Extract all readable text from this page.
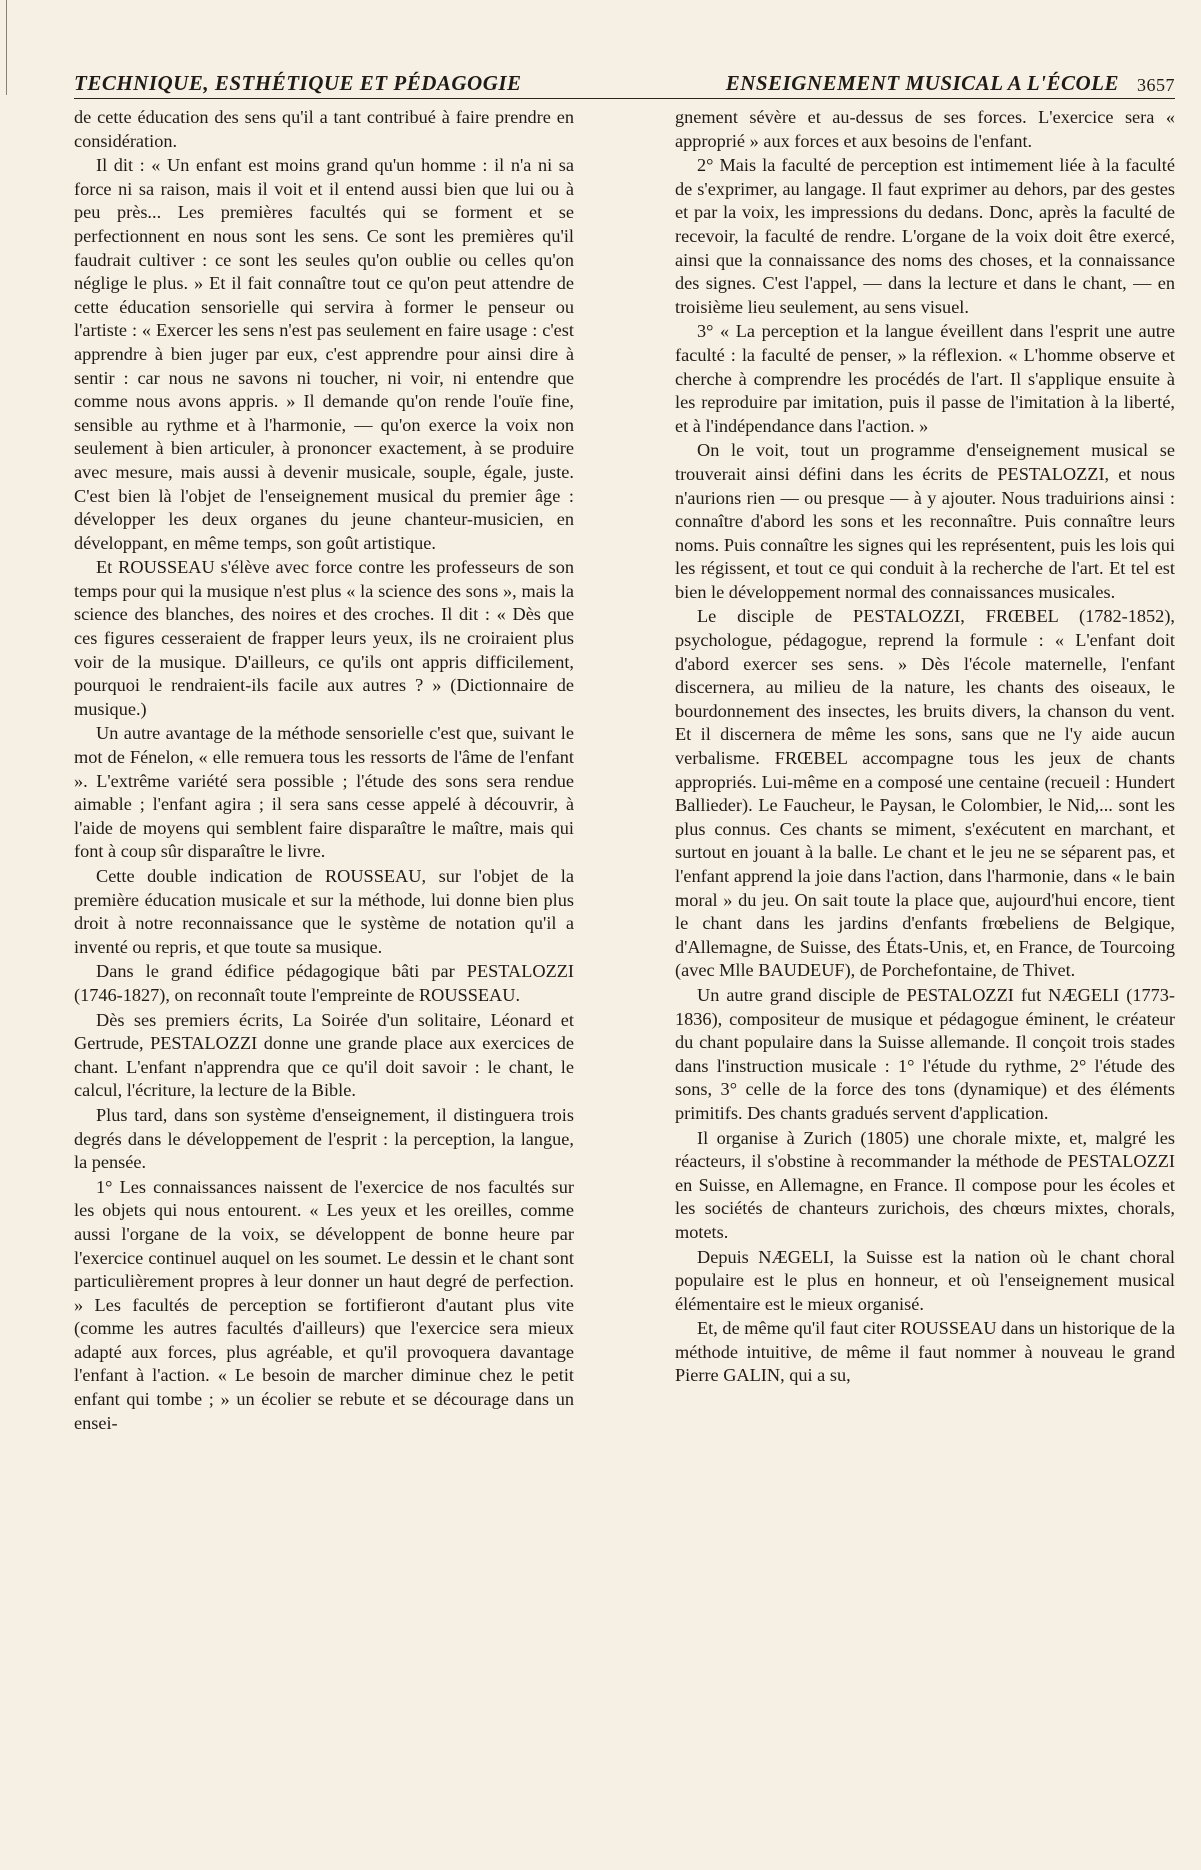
TECHNIQUE, ESTHÉTIQUE ET PÉDAGOGIE	ENSEIGNEMENT MUSICAL A L'ÉCOLE 3657

de cette éducation des sens qu'il a tant contribué à faire prendre en considération.

Il dit : « Un enfant est moins grand qu'un homme : il n'a ni sa force ni sa raison, mais il voit et il entend aussi bien que lui ou à peu près... Les premières facultés qui se forment et se perfectionnent en nous sont les sens. Ce sont les premières qu'il faudrait cultiver : ce sont les seules qu'on oublie ou celles qu'on néglige le plus. » Et il fait connaître tout ce qu'on peut attendre de cette éducation sensorielle qui servira à former le penseur ou l'artiste : « Exercer les sens n'est pas seulement en faire usage : c'est apprendre à bien juger par eux, c'est apprendre pour ainsi dire à sentir : car nous ne savons ni toucher, ni voir, ni entendre que comme nous avons appris. » Il demande qu'on rende l'ouïe fine, sensible au rythme et à l'harmonie, — qu'on exerce la voix non seulement à bien articuler, à prononcer exactement, à se produire avec mesure, mais aussi à devenir musicale, souple, égale, juste. C'est bien là l'objet de l'enseignement musical du premier âge : développer les deux organes du jeune chanteur-musicien, en développant, en même temps, son goût artistique.

Et ROUSSEAU s'élève avec force contre les professeurs de son temps pour qui la musique n'est plus « la science des sons », mais la science des blanches, des noires et des croches. Il dit : « Dès que ces figures cesseraient de frapper leurs yeux, ils ne croiraient plus voir de la musique. D'ailleurs, ce qu'ils ont appris difficilement, pourquoi le rendraient-ils facile aux autres ? » (Dictionnaire de musique.)

Un autre avantage de la méthode sensorielle c'est que, suivant le mot de Fénelon, « elle remuera tous les ressorts de l'âme de l'enfant ». L'extrême variété sera possible ; l'étude des sons sera rendue aimable ; l'enfant agira ; il sera sans cesse appelé à découvrir, à l'aide de moyens qui semblent faire disparaître le maître, mais qui font à coup sûr disparaître le livre.

Cette double indication de ROUSSEAU, sur l'objet de la première éducation musicale et sur la méthode, lui donne bien plus droit à notre reconnaissance que le système de notation qu'il a inventé ou repris, et que toute sa musique.

Dans le grand édifice pédagogique bâti par PESTALOZZI (1746-1827), on reconnaît toute l'empreinte de ROUSSEAU.

Dès ses premiers écrits, La Soirée d'un solitaire, Léonard et Gertrude, PESTALOZZI donne une grande place aux exercices de chant. L'enfant n'apprendra que ce qu'il doit savoir : le chant, le calcul, l'écriture, la lecture de la Bible.

Plus tard, dans son système d'enseignement, il distinguera trois degrés dans le développement de l'esprit : la perception, la langue, la pensée.

1° Les connaissances naissent de l'exercice de nos facultés sur les objets qui nous entourent. « Les yeux et les oreilles, comme aussi l'organe de la voix, se développent de bonne heure par l'exercice continuel auquel on les soumet. Le dessin et le chant sont particulièrement propres à leur donner un haut degré de perfection. » Les facultés de perception se fortifieront d'autant plus vite (comme les autres facultés d'ailleurs) que l'exercice sera mieux adapté aux forces, plus agréable, et qu'il provoquera davantage l'enfant à l'action. « Le besoin de marcher diminue chez le petit enfant qui tombe ; » un écolier se rebute et se décourage dans un ensei-

gnement sévère et au-dessus de ses forces. L'exercice sera « approprié » aux forces et aux besoins de l'enfant.

2° Mais la faculté de perception est intimement liée à la faculté de s'exprimer, au langage. Il faut exprimer au dehors, par des gestes et par la voix, les impressions du dedans. Donc, après la faculté de recevoir, la faculté de rendre. L'organe de la voix doit être exercé, ainsi que la connaissance des noms des choses, et la connaissance des signes. C'est l'appel, — dans la lecture et dans le chant, — en troisième lieu seulement, au sens visuel.

3° « La perception et la langue éveillent dans l'esprit une autre faculté : la faculté de penser, » la réflexion. « L'homme observe et cherche à comprendre les procédés de l'art. Il s'applique ensuite à les reproduire par imitation, puis il passe de l'imitation à la liberté, et à l'indépendance dans l'action. »

On le voit, tout un programme d'enseignement musical se trouverait ainsi défini dans les écrits de PESTALOZZI, et nous n'aurions rien — ou presque — à y ajouter. Nous traduirions ainsi : connaître d'abord les sons et les reconnaître. Puis connaître leurs noms. Puis connaître les signes qui les représentent, puis les lois qui les régissent, et tout ce qui conduit à la recherche de l'art. Et tel est bien le développement normal des connaissances musicales.

Le disciple de PESTALOZZI, FRŒBEL (1782-1852), psychologue, pédagogue, reprend la formule : « L'enfant doit d'abord exercer ses sens. » Dès l'école maternelle, l'enfant discernera, au milieu de la nature, les chants des oiseaux, le bourdonnement des insectes, les bruits divers, la chanson du vent. Et il discernera de même les sons, sans que ne l'y aide aucun verbalisme. FRŒBEL accompagne tous les jeux de chants appropriés. Lui-même en a composé une centaine (recueil : Hundert Ballieder). Le Faucheur, le Paysan, le Colombier, le Nid,... sont les plus connus. Ces chants se miment, s'exécutent en marchant, et surtout en jouant à la balle. Le chant et le jeu ne se séparent pas, et l'enfant apprend la joie dans l'action, dans l'harmonie, dans « le bain moral » du jeu. On sait toute la place que, aujourd'hui encore, tient le chant dans les jardins d'enfants frœbeliens de Belgique, d'Allemagne, de Suisse, des États-Unis, et, en France, de Tourcoing (avec Mlle BAUDEUF), de Porchefontaine, de Thivet.

Un autre grand disciple de PESTALOZZI fut NÆGELI (1773-1836), compositeur de musique et pédagogue éminent, le créateur du chant populaire dans la Suisse allemande. Il conçoit trois stades dans l'instruction musicale : 1° l'étude du rythme, 2° l'étude des sons, 3° celle de la force des tons (dynamique) et des éléments primitifs. Des chants gradués servent d'application.

Il organise à Zurich (1805) une chorale mixte, et, malgré les réacteurs, il s'obstine à recommander la méthode de PESTALOZZI en Suisse, en Allemagne, en France. Il compose pour les écoles et les sociétés de chanteurs zurichois, des chœurs mixtes, chorals, motets.

Depuis NÆGELI, la Suisse est la nation où le chant choral populaire est le plus en honneur, et où l'enseignement musical élémentaire est le mieux organisé.

Et, de même qu'il faut citer ROUSSEAU dans un historique de la méthode intuitive, de même il faut nommer à nouveau le grand Pierre GALIN, qui a su,
